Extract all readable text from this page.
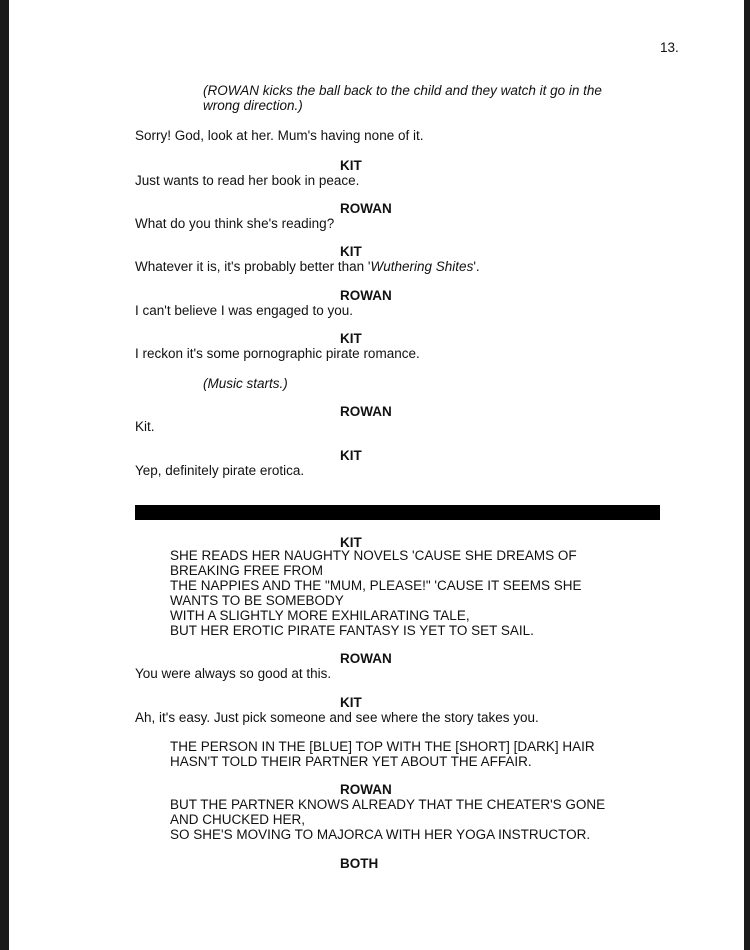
13.
(ROWAN kicks the ball back to the child and they watch it go in the
wrong direction.)
Sorry! God, look at her. Mum's having none of it.
KIT
Just wants to read her book in peace.
ROWAN
What do you think she's reading?
KIT
Whatever it is, it's probably better than 'Wuthering Shites'.
ROWAN
I can't believe I was engaged to you.
KIT
I reckon it's some pornographic pirate romance.
(Music starts.)
ROWAN
Kit.
KIT
Yep, definitely pirate erotica.
KIT
SHE READS HER NAUGHTY NOVELS 'CAUSE SHE DREAMS OF
BREAKING FREE FROM
THE NAPPIES AND THE "MUM, PLEASE!" 'CAUSE IT SEEMS SHE
WANTS TO BE SOMEBODY
WITH A SLIGHTLY MORE EXHILARATING TALE,
BUT HER EROTIC PIRATE FANTASY IS YET TO SET SAIL.
ROWAN
You were always so good at this.
KIT
Ah, it's easy. Just pick someone and see where the story takes you.
THE PERSON IN THE [BLUE] TOP WITH THE [SHORT] [DARK] HAIR
HASN'T TOLD THEIR PARTNER YET ABOUT THE AFFAIR.
ROWAN
BUT THE PARTNER KNOWS ALREADY THAT THE CHEATER'S GONE
AND CHUCKED HER,
SO SHE'S MOVING TO MAJORCA WITH HER YOGA INSTRUCTOR.
BOTH
